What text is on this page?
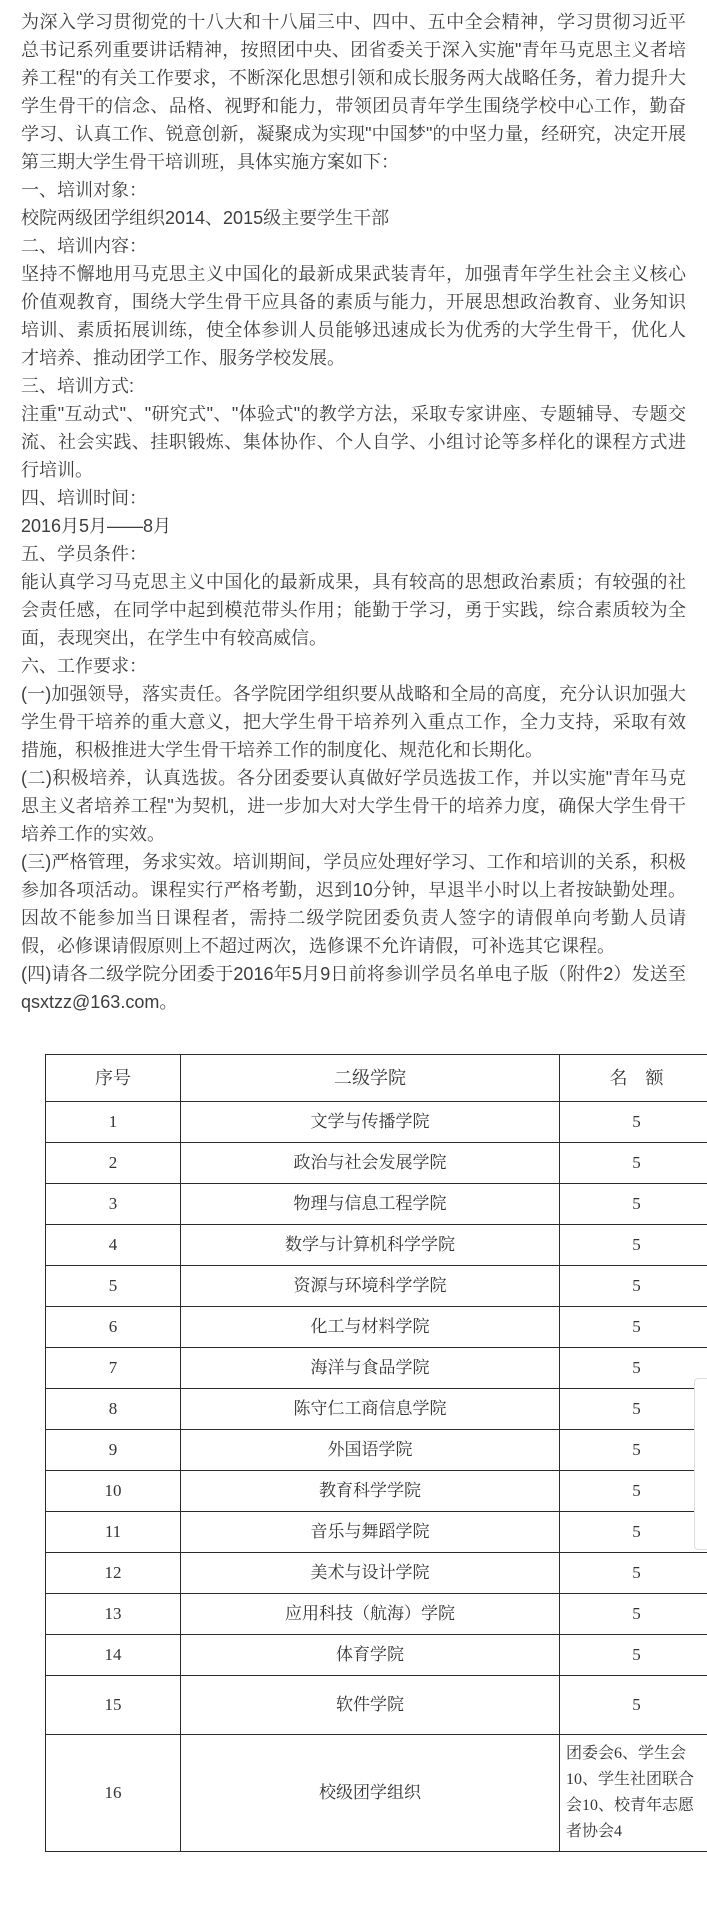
为深入学习贯彻党的十八大和十八届三中、四中、五中全会精神，学习贯彻习近平总书记系列重要讲话精神，按照团中央、团省委关于深入实施"青年马克思主义者培养工程"的有关工作要求，不断深化思想引领和成长服务两大战略任务，着力提升大学生骨干的信念、品格、视野和能力，带领团员青年学生围绕学校中心工作，勤奋学习、认真工作、锐意创新，凝聚成为实现"中国梦"的中坚力量，经研究，决定开展第三期大学生骨干培训班，具体实施方案如下：

一、培训对象：

校院两级团学组织2014、2015级主要学生干部

二、培训内容：

坚持不懈地用马克思主义中国化的最新成果武装青年，加强青年学生社会主义核心价值观教育，围绕大学生骨干应具备的素质与能力，开展思想政治教育、业务知识培训、素质拓展训练，使全体参训人员能够迅速成长为优秀的大学生骨干，优化人才培养、推动团学工作、服务学校发展。

三、培训方式:

注重"互动式"、"研究式"、"体验式"的教学方法，采取专家讲座、专题辅导、专题交流、社会实践、挂职锻炼、集体协作、个人自学、小组讨论等多样化的课程方式进行培训。

四、培训时间：

2016月5月——8月

五、学员条件：

能认真学习马克思主义中国化的最新成果，具有较高的思想政治素质；有较强的社会责任感，在同学中起到模范带头作用；能勤于学习，勇于实践，综合素质较为全面，表现突出，在学生中有较高威信。

六、工作要求：

(一)加强领导，落实责任。各学院团学组织要从战略和全局的高度，充分认识加强大学生骨干培养的重大意义，把大学生骨干培养列入重点工作，全力支持，采取有效措施，积极推进大学生骨干培养工作的制度化、规范化和长期化。

(二)积极培养，认真选拔。各分团委要认真做好学员选拔工作，并以实施"青年马克思主义者培养工程"为契机，进一步加大对大学生骨干的培养力度，确保大学生骨干培养工作的实效。

(三)严格管理，务求实效。培训期间，学员应处理好学习、工作和培训的关系，积极参加各项活动。课程实行严格考勤，迟到10分钟，早退半小时以上者按缺勤处理。因故不能参加当日课程者，需持二级学院团委负责人签字的请假单向考勤人员请假，必修课请假原则上不超过两次，选修课不允许请假，可补选其它课程。

(四)请各二级学院分团委于2016年5月9日前将参训学员名单电子版（附件2）发送至qsxtzz@163.com。

序号	二级学院	名　额
1	文学与传播学院	5
2	政治与社会发展学院	5
3	物理与信息工程学院	5
4	数学与计算机科学学院	5
5	资源与环境科学学院	5
6	化工与材料学院	5
7	海洋与食品学院	5
8	陈守仁工商信息学院	5
9	外国语学院	5
10	教育科学学院	5
11	音乐与舞蹈学院	5
12	美术与设计学院	5
13	应用科技（航海）学院	5
14	体育学院	5
15	软件学院	5
16	校级团学组织	团委会6、学生会10、学生社团联合会10、校青年志愿者协会4
